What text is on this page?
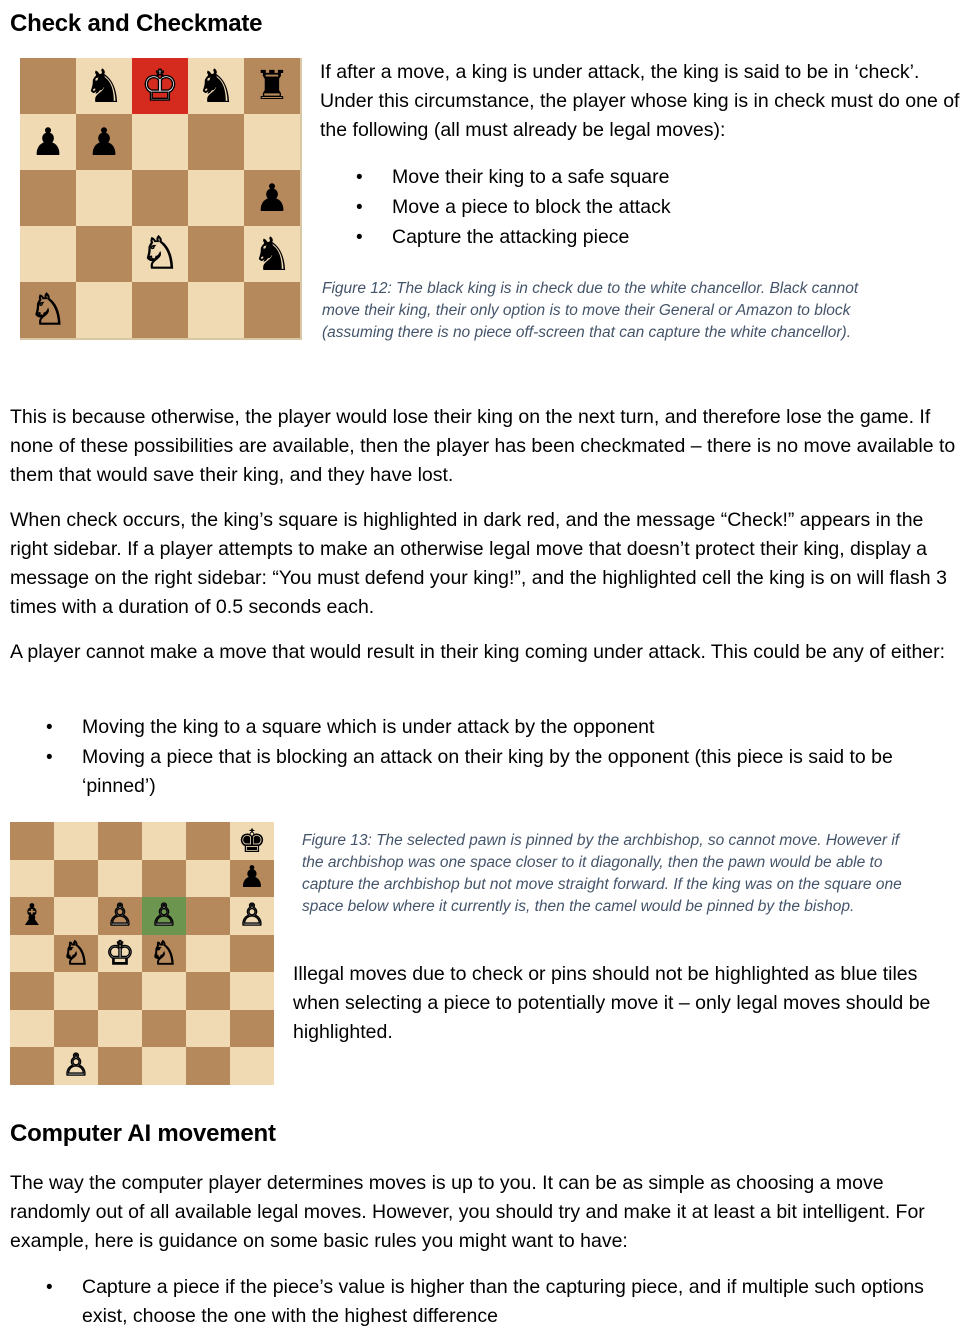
Check and Checkmate
♞ ♔ ♞ ♜
♟ ♟
♟
♘ ♞
♘

If after a move, a king is under attack, the king is said to be in ‘check’. Under this circumstance, the player whose king is in check must do one of the following (all must already be legal moves):

• Move their king to a safe square
• Move a piece to block the attack
• Capture the attacking piece

Figure 12: The black king is in check due to the white chancellor. Black cannot move their king, their only option is to move their General or Amazon to block (assuming there is no piece off-screen that can capture the white chancellor).

This is because otherwise, the player would lose their king on the next turn, and therefore lose the game. If none of these possibilities are available, then the player has been checkmated – there is no move available to them that would save their king, and they have lost.

When check occurs, the king’s square is highlighted in dark red, and the message “Check!” appears in the right sidebar. If a player attempts to make an otherwise legal move that doesn’t protect their king, display a message on the right sidebar: “You must defend your king!”, and the highlighted cell the king is on will flash 3 times with a duration of 0.5 seconds each.

A player cannot make a move that would result in their king coming under attack. This could be any of either:

• Moving the king to a square which is under attack by the opponent
• Moving a piece that is blocking an attack on their king by the opponent (this piece is said to be ‘pinned’)
♚
♟
♝ ♙ ♙ ♙
♘ ♔ ♘
♙

Figure 13: The selected pawn is pinned by the archbishop, so cannot move. However if the archbishop was one space closer to it diagonally, then the pawn would be able to capture the archbishop but not move straight forward. If the king was on the square one space below where it currently is, then the camel would be pinned by the bishop.

Illegal moves due to check or pins should not be highlighted as blue tiles when selecting a piece to potentially move it – only legal moves should be highlighted.

Computer AI movement

The way the computer player determines moves is up to you. It can be as simple as choosing a move randomly out of all available legal moves. However, you should try and make it at least a bit intelligent. For example, here is guidance on some basic rules you might want to have:

• Capture a piece if the piece’s value is higher than the capturing piece, and if multiple such options exist, choose the one with the highest difference
